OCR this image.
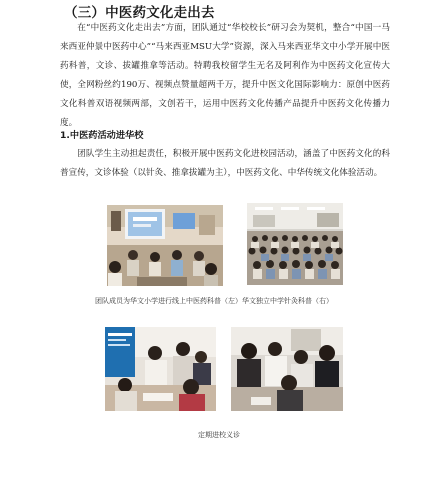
（三）中医药文化走出去

在“中医药文化走出去”方面，团队通过“华校校长”研习会为契机，整合“中国一马来西亚仲景中医药中心”“马来西亚MSU大学”资源，深入马来西亚华文中小学开展中医药科普，文诊、拔罐推拿等活动。特聘我校留学生无名及阿利作为中医药文化宣传大使，全网粉丝约190万、视频点赞量超两千万，提升中医文化国际影响力：原创中医药文化科普双语视频两部，文创若干，运用中医药文化传播产品提升中医药文化传播力度。

1.中医药活动进华校

团队学生主动担起责任，积极开展中医药文化进校园活动，涵盖了中医药文化的科普宣传，文诊体验（以针灸、推拿拔罐为主），中医药文化、中华传统文化体验活动。

团队成员为华文小学进行线上中医药科普（左）华文独立中学针灸科普（右）
定期进校义诊
